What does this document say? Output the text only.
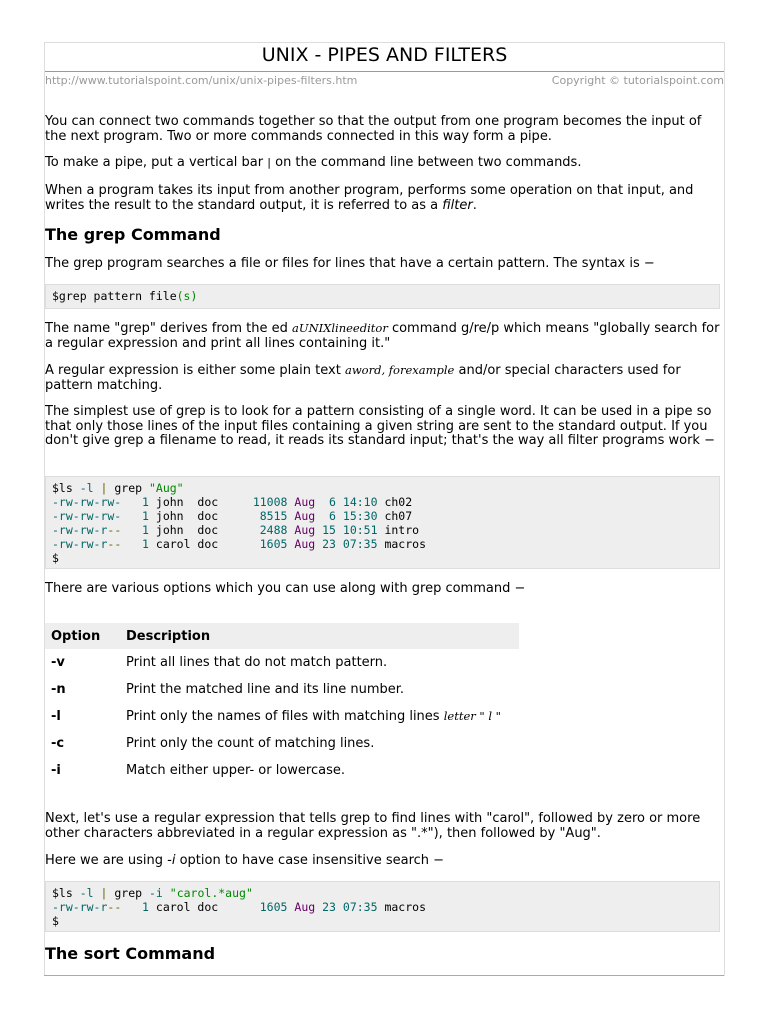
UNIX - PIPES AND FILTERS
http://www.tutorialspoint.com/unix/unix-pipes-filters.htm	Copyright © tutorialspoint.com
You can connect two commands together so that the output from one program becomes the input of the next program. Two or more commands connected in this way form a pipe.
To make a pipe, put a vertical bar | on the command line between two commands.
When a program takes its input from another program, performs some operation on that input, and writes the result to the standard output, it is referred to as a filter.
The grep Command
The grep program searches a file or files for lines that have a certain pattern. The syntax is −
$grep pattern file(s)
The name "grep" derives from the ed aUNIXlineeditor command g/re/p which means "globally search for a regular expression and print all lines containing it."
A regular expression is either some plain text aword, forexample and/or special characters used for pattern matching.
The simplest use of grep is to look for a pattern consisting of a single word. It can be used in a pipe so that only those lines of the input files containing a given string are sent to the standard output. If you don't give grep a filename to read, it reads its standard input; that's the way all filter programs work −
$ls -l | grep "Aug"
-rw-rw-rw- 1 john  doc     11008 Aug 6 14:10 ch02
-rw-rw-rw- 1 john  doc      8515 Aug 6 15:30 ch07
-rw-rw-r-- 1 john  doc      2488 Aug 15 10:51 intro
-rw-rw-r-- 1 carol doc      1605 Aug 23 07:35 macros
$
There are various options which you can use along with grep command −
Option	Description
-v	Print all lines that do not match pattern.
-n	Print the matched line and its line number.
-l	Print only the names of files with matching lines letter " l "
-c	Print only the count of matching lines.
-i	Match either upper- or lowercase.
Next, let's use a regular expression that tells grep to find lines with "carol", followed by zero or more other characters abbreviated in a regular expression as ".*"), then followed by "Aug".
Here we are using -i option to have case insensitive search −
$ls -l | grep -i "carol.*aug"
-rw-rw-r-- 1 carol doc      1605 Aug 23 07:35 macros
$
The sort Command
